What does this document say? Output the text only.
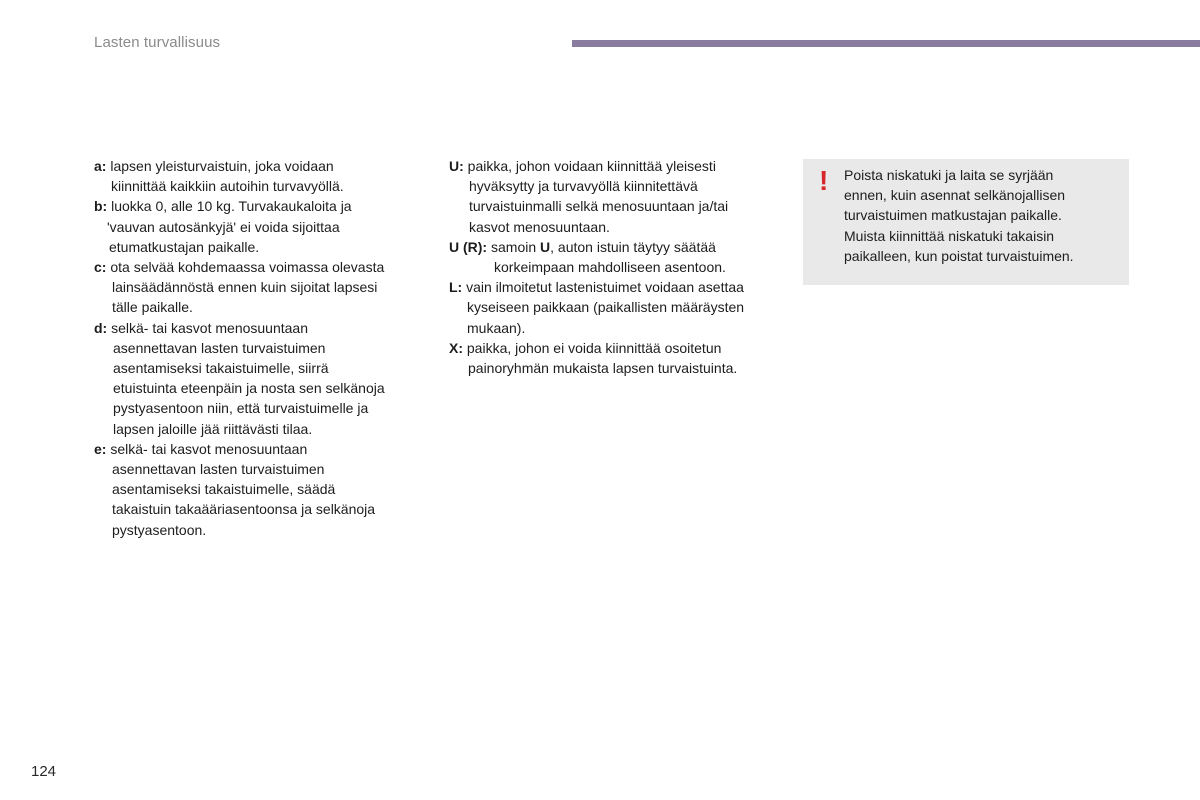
Lasten turvallisuus
a: lapsen yleisturvaistuin, joka voidaan
kiinnittää kaikkiin autoihin turvavyöllä.
b: luokka 0, alle 10 kg. Turvakaukaloita ja
'vauvan autosänkyjä' ei voida sijoittaa
etumatkustajan paikalle.
c: ota selvää kohdemaassa voimassa olevasta
lainsäädännöstä ennen kuin sijoitat lapsesi
tälle paikalle.
d: selkä- tai kasvot menosuuntaan
asennettavan lasten turvaistuimen
asentamiseksi takaistuimelle, siirrä
etuistuinta eteenpäin ja nosta sen selkänoja
pystyasentoon niin, että turvaistuimelle ja
lapsen jaloille jää riittävästi tilaa.
e: selkä- tai kasvot menosuuntaan
asennettavan lasten turvaistuimen
asentamiseksi takaistuimelle, säädä
takaistuin takaääriasentoonsa ja selkänoja
pystyasentoon.
U: paikka, johon voidaan kiinnittää yleisesti
hyväksytty ja turvavyöllä kiinnitettävä
turvaistuinmalli selkä menosuuntaan ja/tai
kasvot menosuuntaan.
U (R): samoin U, auton istuin täytyy säätää
korkeimpaan mahdolliseen asentoon.
L: vain ilmoitetut lastenistuimet voidaan asettaa
kyseiseen paikkaan (paikallisten määräysten
mukaan).
X: paikka, johon ei voida kiinnittää osoitetun
painoryhmän mukaista lapsen turvaistuinta.
! Poista niskatuki ja laita se syrjään
ennen, kuin asennat selkänojallisen
turvaistuimen matkustajan paikalle.
Muista kiinnittää niskatuki takaisin
paikalleen, kun poistat turvaistuimen.
124
